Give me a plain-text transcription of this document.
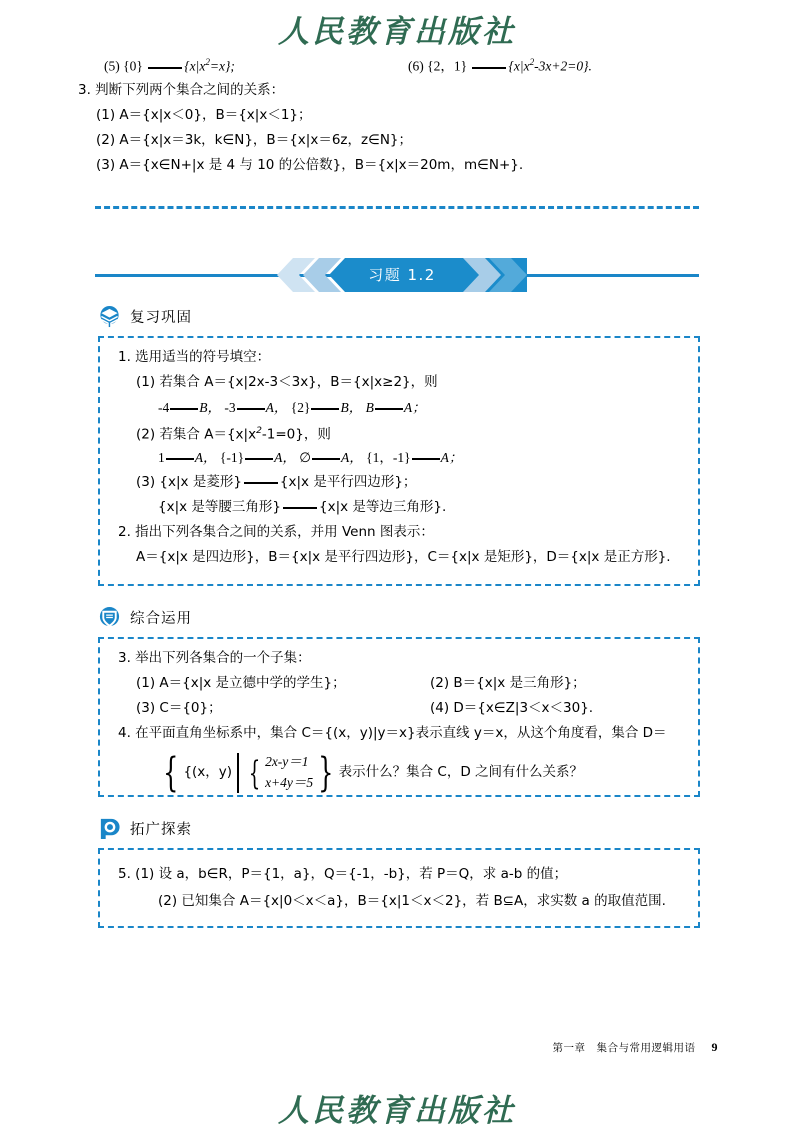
人民教育出版社
(5) {0}	$\{x|x^2=x\}$;	(6) {2，1}	$\{x|x^2-3x+2=0\}$.
3. 判断下列两个集合之间的关系：
(1) A＝{x|x＜0}，B＝{x|x＜1}；
(2) A＝{x|x＝3k，k∈N}，B＝{x|x＝6z，z∈N}；
(3) A＝{x∈N+|x 是 4 与 10 的公倍数}，B＝{x|x＝20m，m∈N+}.
习题 1.2
复习巩固
1. 选用适当的符号填空：
(1) 若集合 A＝{x|2x-3＜3x}，B＝{x|x≥2}，则
-4 B， -3 A， {2} B， B A；
(2) 若集合 $A=\{x|x^2-1=0\}$，则
1 A， {-1} A， ∅ A， {1，-1} A；
(3) {x|x 是菱形}	{x|x 是平行四边形}；
{x|x 是等腰三角形}	{x|x 是等边三角形}.
2. 指出下列各集合之间的关系，并用 Venn 图表示：
A＝{x|x 是四边形}，B＝{x|x 是平行四边形}，C＝{x|x 是矩形}，D＝{x|x 是正方形}.
综合运用
3. 举出下列各集合的一个子集：
(1) A＝{x|x 是立德中学的学生}；	(2) B＝{x|x 是三角形}；
(3) C＝{0}；	(4) D＝{x∈Z|3＜x＜30}.
4. 在平面直角坐标系中，集合 C＝{(x，y)|y＝x}表示直线 y＝x，从这个角度看，集合 D＝
{ {(x，y) { 2x-y＝1
x+4y＝5 } 表示什么？集合 C，D 之间有什么关系？
拓广探索
5. (1) 设 a，b∈R，P＝{1，a}，Q＝{-1，-b}，若 P＝Q，求 a-b 的值；
(2) 已知集合 A＝{x|0＜x＜a}，B＝{x|1＜x＜2}，若 B⊆A，求实数 a 的取值范围.
第一章　集合与常用逻辑用语 9
人民教育出版社
